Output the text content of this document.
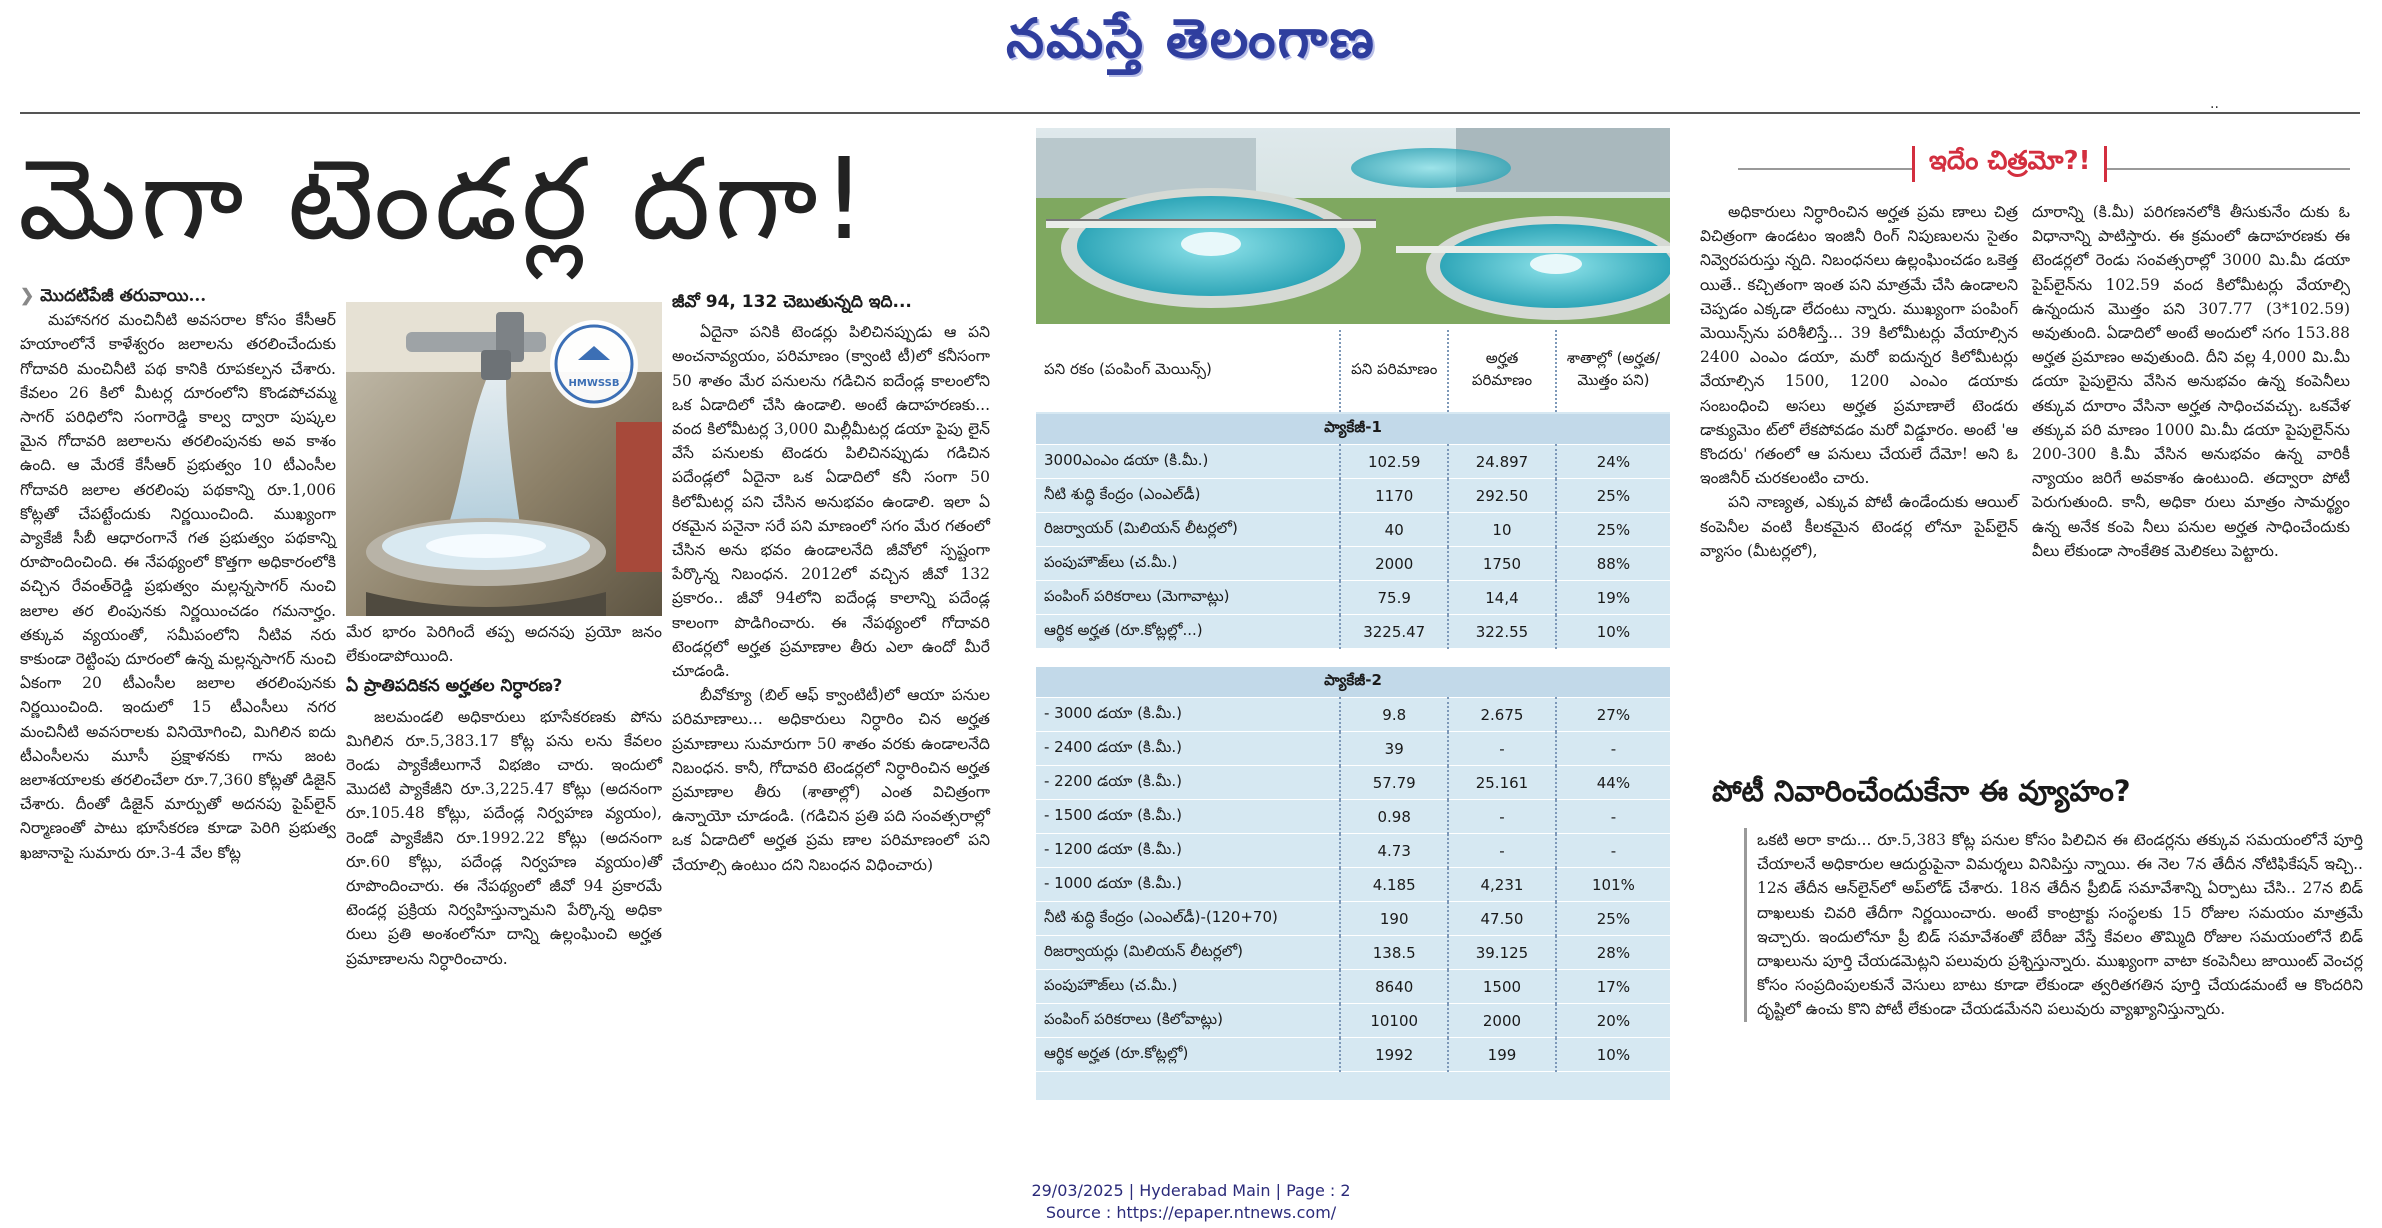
నమస్తే తెలంగాణ
..
మెగా టెండర్ల దగా!
❯ మొదటిపేజీ తరువాయి...

మహానగర మంచినీటి అవసరాల కోసం కేసీఆర్ హయాంలోనే కాళేశ్వరం జలాలను తరలించేందుకు గోదావరి మంచినీటి పథ కానికి రూపకల్పన చేశారు. కేవలం 26 కిలో మీటర్ల దూరంలోని కొండపోచమ్మ సాగర్ పరిధిలోని సంగారెడ్డి కాల్వ ద్వారా పుష్కల మైన గోదావరి జలాలను తరలింపునకు అవ కాశం ఉంది. ఆ మేరకే కేసీఆర్ ప్రభుత్వం 10 టీఎంసీల గోదావరి జలాల తరలింపు పథకాన్ని రూ.1,006 కోట్లతో చేపట్టేందుకు నిర్ణయించింది. ముఖ్యంగా ప్యాకేజీ సీబీ ఆధారంగానే గత ప్రభుత్వం పథకాన్ని రూపొందించింది. ఈ నేపథ్యంలో కొత్తగా అధికారంలోకి వచ్చిన రేవంత్‌రెడ్డి ప్రభుత్వం మల్లన్నసాగర్ నుంచి జలాల తర లింపునకు నిర్ణయించడం గమనార్హం. తక్కువ వ్యయంతో, సమీపంలోని నీటివ నరు కాకుండా రెట్టింపు దూరంలో ఉన్న మల్లన్నసాగర్ నుంచి ఏకంగా 20 టీఎంసీల జలాల తరలింపునకు నిర్ణయించింది. ఇందులో 15 టీఎంసీలు నగర మంచినీటి అవసరాలకు వినియోగించి, మిగిలిన ఐదు టీఎంసీలను మూసీ ప్రక్షాళనకు గాను జంట జలాశయాలకు తరలించేలా రూ.7,360 కోట్లతో డిజైన్ చేశారు. దీంతో డిజైన్ మార్పుతో అదనపు పైప్‌లైన్ నిర్మాణంతో పాటు భూసేకరణ కూడా పెరిగి ప్రభుత్వ ఖజానాపై సుమారు రూ.3-4 వేల కోట్ల

HMWSSB

మేర భారం పెరిగిందే తప్ప అదనపు ప్రయో జనం లేకుండాపోయింది.

ఏ ప్రాతిపదికన అర్హతల నిర్ధారణ?

జలమండలి అధికారులు భూసేకరణకు పోను మిగిలిన రూ.5,383.17 కోట్ల పను లను కేవలం రెండు ప్యాకేజీలుగానే విభజిం చారు. ఇందులో మొదటి ప్యాకేజీని రూ.3,225.47 కోట్లు (అదనంగా రూ.105.48 కోట్లు, పదేండ్ల నిర్వహణ వ్యయం), రెండో ప్యాకేజీని రూ.1992.22 కోట్లు (అదనంగా రూ.60 కోట్లు, పదేండ్ల నిర్వహణ వ్యయం)తో రూపొందించారు. ఈ నేపథ్యంలో జీవో 94 ప్రకారమే టెండర్ల ప్రక్రియ నిర్వహిస్తున్నామని పేర్కొన్న అధికా రులు ప్రతి అంశంలోనూ దాన్ని ఉల్లంఘించి అర్హత ప్రమాణాలను నిర్ధారించారు.

జీవో 94, 132 చెబుతున్నది ఇది...

ఏదైనా పనికి టెండర్లు పిలిచినప్పుడు ఆ పని అంచనావ్యయం, పరిమాణం (క్వాంటి టీ)లో కనీసంగా 50 శాతం మేర పనులను గడిచిన ఐదేండ్ల కాలంలోని ఒక ఏడాదిలో చేసి ఉండాలి. అంటే ఉదాహరణకు... వంద కిలోమీటర్ల 3,000 మిల్లీమీటర్ల డయా పైపు లైన్ వేసే పనులకు టెండరు పిలిచినప్పుడు గడిచిన పదేండ్లలో ఏదైనా ఒక ఏడాదిలో కనీ సంగా 50 కిలోమీటర్ల పని చేసిన అనుభవం ఉండాలి. ఇలా ఏ రకమైన పనైనా సరే పని మాణంలో సగం మేర గతంలో చేసిన అను భవం ఉండాలనేది జీవోలో స్పష్టంగా పేర్కొన్న నిబంధన. 2012లో వచ్చిన జీవో 132 ప్రకారం.. జీవో 94లోని ఐదేండ్ల కాలాన్ని పదేండ్ల కాలంగా పొడిగించారు. ఈ నేపథ్యంలో గోదావరి టెండర్లలో అర్హత ప్రమాణాల తీరు ఎలా ఉందో మీరే చూడండి.

బీవోక్యూ (బిల్ ఆఫ్ క్వాంటిటీ)లో ఆయా పనుల పరిమాణాలు... అధికారులు నిర్ధారిం చిన అర్హత ప్రమాణాలు సుమారుగా 50 శాతం వరకు ఉండాలనేది నిబంధన. కానీ, గోదావరి టెండర్లలో నిర్ధారించిన అర్హత ప్రమాణాల తీరు (శాతాల్లో) ఎంత విచిత్రంగా ఉన్నాయో చూడండి. (గడిచిన ప్రతి పది సంవత్సరాల్లో ఒక ఏడాదిలో అర్హత ప్రమ ణాల పరిమాణంలో పని చేయాల్సి ఉంటుం దని నిబంధన విధించారు)

పని రకం (పంపింగ్ మెయిన్స్)	పని పరిమాణం	అర్హత పరిమాణం	శాతాల్లో (అర్హత/ మొత్తం పని)
ప్యాకేజీ-1			
3000ఎంఎం డయా (కి.మీ.)	102.59	24.897	24%
నీటి శుద్ధి కేంద్రం (ఎంఎల్‌డీ)	1170	292.50	25%
రిజర్వాయర్ (మిలియన్ లీటర్లలో)	40	10	25%
పంపుహౌజ్‌లు (చ.మీ.)	2000	1750	88%
పంపింగ్ పరికరాలు (మెగావాట్లు)	75.9	14,4	19%
ఆర్థిక అర్హత (రూ.కోట్లల్లో...)	3225.47	322.55	10%

ప్యాకేజీ-2			
- 3000 డయా (కి.మీ.)	9.8	2.675	27%
- 2400 డయా (కి.మీ.)	39	-	-
- 2200 డయా (కి.మీ.)	57.79	25.161	44%
- 1500 డయా (కి.మీ.)	0.98	-	-
- 1200 డయా (కి.మీ.)	4.73	-	-
- 1000 డయా (కి.మీ.)	4.185	4,231	101%
నీటి శుద్ధి కేంద్రం (ఎంఎల్‌డీ)-(120+70)	190	47.50	25%
రిజర్వాయర్లు (మిలియన్ లీటర్లలో)	138.5	39.125	28%
పంపుహౌజ్‌లు (చ.మీ.)	8640	1500	17%
పంపింగ్ పరికరాలు (కిలోవాట్లు)	10100	2000	20%
ఆర్థిక అర్హత (రూ.కోట్లల్లో)	1992	199	10%
ఇదేం చిత్రమో?!

అధికారులు నిర్ధారించిన అర్హత ప్రమ ణాలు చిత్ర విచిత్రంగా ఉండటం ఇంజినీ రింగ్ నిపుణులను సైతం నివ్వెరపరుస్తు న్నది. నిబంధనలు ఉల్లంఘించడం ఒకెత్త యితే.. కచ్చితంగా ఇంత పని మాత్రమే చేసి ఉండాలని చెప్పడం ఎక్కడా లేదంటు న్నారు. ముఖ్యంగా పంపింగ్ మెయిన్స్‌ను పరిశీలిస్తే... 39 కిలోమీటర్లు వేయాల్సిన 2400 ఎంఎం డయా, మరో ఐదున్నర కిలోమీటర్లు వేయాల్సిన 1500, 1200 ఎంఎం డయాకు సంబంధించి అసలు అర్హత ప్రమాణాలే టెండరు డాక్యుమెం ట్‌లో లేకపోవడం మరో విడ్డూరం. అంటే 'ఆ కొందరు' గతంలో ఆ పనులు చేయలే దేమో! అని ఓ ఇంజినీర్ చురకలంటిం చారు.

పని నాణ్యత, ఎక్కువ పోటీ ఉండేందుకు ఆయిల్ కంపెనీల వంటి కీలకమైన టెండర్ల లోనూ పైప్‌లైన్ వ్యాసం (మీటర్లలో),

దూరాన్ని (కి.మీ) పరిగణనలోకి తీసుకునేం దుకు ఓ విధానాన్ని పాటిస్తారు. ఈ క్రమంలో ఉదాహరణకు ఈ టెండర్లలో రెండు సంవత్సరాల్లో 3000 మి.మీ డయా పైప్‌లైన్‌ను 102.59 వంద కిలోమీటర్లు వేయాల్సి ఉన్నందున మొత్తం పని 307.77 (3*102.59) అవుతుంది. ఏడాదిలో అంటే అందులో సగం 153.88 అర్హత ప్రమాణం అవుతుంది. దీని వల్ల 4,000 మి.మీ డయా పైపులైను వేసిన అనుభవం ఉన్న కంపెనీలు తక్కువ దూరాం వేసినా అర్హత సాధించవచ్చు. ఒకవేళ తక్కువ పరి మాణం 1000 మి.మీ డయా పైపులైన్‌ను 200-300 కి.మీ వేసిన అనుభవం ఉన్న వారికీ న్యాయం జరిగే అవకాశం ఉంటుంది. తద్వారా పోటీ పెరుగుతుంది. కానీ, అధికా రులు మాత్రం సామర్థ్యం ఉన్న అనేక కంపె నీలు పనుల అర్హత సాధించేందుకు వీలు లేకుండా సాంకేతిక మెలికలు పెట్టారు.

పోటీ నివారించేందుకేనా ఈ వ్యూహం?

ఒకటి అరా కాదు... రూ.5,383 కోట్ల పనుల కోసం పిలిచిన ఈ టెండర్లను తక్కువ సమయంలోనే పూర్తి చేయాలనే అధికారుల ఆదుర్దుపైనా విమర్శలు వినిపిస్తు న్నాయి. ఈ నెల 7న తేదీన నోటిఫికేషన్ ఇచ్చి.. 12న తేదీన ఆన్‌లైన్‌లో అప్‌లోడ్ చేశారు. 18న తేదీన ప్రీబిడ్ సమావేశాన్ని ఏర్పాటు చేసి.. 27న బిడ్ దాఖలుకు చివరి తేదీగా నిర్ణయించారు. అంటే కాంట్రాక్టు సంస్థలకు 15 రోజుల సమయం మాత్రమే ఇచ్చారు. ఇందులోనూ ప్రీ బిడ్ సమావేశంతో బేరీజు వేస్తే కేవలం తొమ్మిది రోజుల సమయంలోనే బిడ్ దాఖలును పూర్తి చేయడమెట్లని పలువురు ప్రశ్నిస్తున్నారు. ముఖ్యంగా వాటా కంపెనీలు జాయింట్ వెంచర్ల కోసం సంప్రదింపులకునే వెసులు బాటు కూడా లేకుండా త్వరితగతిన పూర్తి చేయడమంటే ఆ కొందరిని దృష్టిలో ఉంచు కొని పోటీ లేకుండా చేయడమేనని పలువురు వ్యాఖ్యానిస్తున్నారు.

29/03/2025 | Hyderabad Main | Page : 2
Source : https://epaper.ntnews.com/
